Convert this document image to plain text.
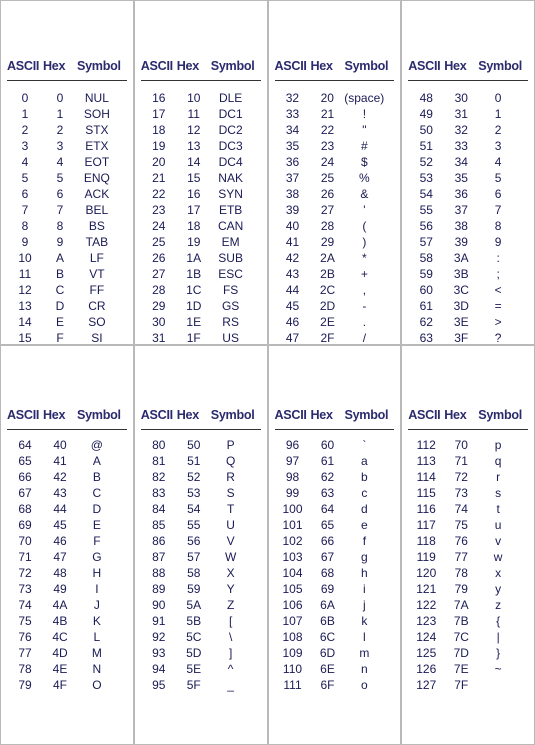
ASCII Hex Symbol
0	0	NUL
1	1	SOH
2	2	STX
3	3	ETX
4	4	EOT
5	5	ENQ
6	6	ACK
7	7	BEL
8	8	BS
9	9	TAB
10	A	LF
11	B	VT
12	C	FF
13	D	CR
14	E	SO
15	F	SI
ASCII Hex Symbol
16	10	DLE
17	11	DC1
18	12	DC2
19	13	DC3
20	14	DC4
21	15	NAK
22	16	SYN
23	17	ETB
24	18	CAN
25	19	EM
26	1A	SUB
27	1B	ESC
28	1C	FS
29	1D	GS
30	1E	RS
31	1F	US
ASCII Hex Symbol
32	20 (space)
33	21	!
34	22	"
35	23	#
36	24	$
37	25	%
38	26	&
39	27	'
40	28	(
41	29	)
42	2A	*
43	2B	+
44	2C	,
45	2D	-
46	2E	.
47	2F	/
ASCII Hex Symbol
48	30	0
49	31	1
50	32	2
51	33	3
52	34	4
53	35	5
54	36	6
55	37	7
56	38	8
57	39	9
58	3A	:
59	3B	;
60	3C	<
61	3D	=
62	3E	>
63	3F	?
ASCII Hex Symbol
64	40	@
65	41	A
66	42	B
67	43	C
68	44	D
69	45	E
70	46	F
71	47	G
72	48	H
73	49	I
74	4A	J
75	4B	K
76	4C	L
77	4D	M
78	4E	N
79	4F	O
ASCII Hex Symbol
80	50	P
81	51	Q
82	52	R
83	53	S
84	54	T
85	55	U
86	56	V
87	57	W
88	58	X
89	59	Y
90	5A	Z
91	5B	[
92	5C	\
93	5D	]
94	5E	^
95	5F	_
ASCII Hex Symbol
96	60	`
97	61	a
98	62	b
99	63	c
100	64	d
101	65	e
102	66	f
103	67	g
104	68	h
105	69	i
106	6A	j
107	6B	k
108	6C	l
109	6D	m
110	6E	n
111	6F	o
ASCII Hex Symbol
112	70	p
113	71	q
114	72	r
115	73	s
116	74	t
117	75	u
118	76	v
119	77	w
120	78	x
121	79	y
122	7A	z
123	7B	{
124	7C	|
125	7D	}
126	7E	~
127	7F
